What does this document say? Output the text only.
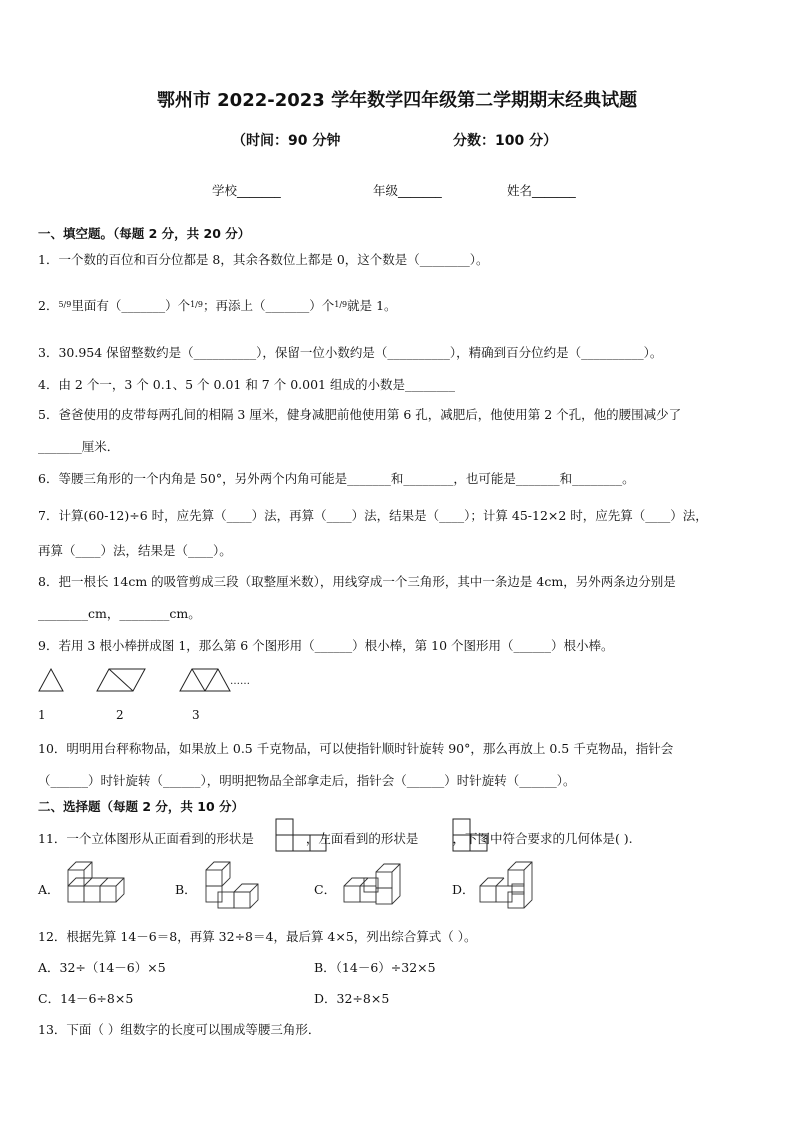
鄂州市 2022-2023 学年数学四年级第二学期期末经典试题
（时间：90 分钟	分数：100 分）
学校_______	年级_______	姓名_______
一、填空题。（每题 2 分，共 20 分）
1．一个数的百位和百分位都是 8，其余各数位上都是 0，这个数是（________）。
2．$^{5/9}$里面有（_______）个$^{1/9}$；再添上（_______）个$^{1/9}$就是 1。
3．30.954 保留整数约是（__________），保留一位小数约是（__________），精确到百分位约是（__________）。
4．由 2 个一，3 个 0.1、5 个 0.01 和 7 个 0.001 组成的小数是________
5．爸爸使用的皮带每两孔间的相隔 3 厘米，健身减肥前他使用第 6 孔，减肥后，他使用第 2 个孔，他的腰围减少了
_______厘米．
6．等腰三角形的一个内角是 50°，另外两个内角可能是_______和________，也可能是_______和________。
7．计算(60-12)÷6 时，应先算（____）法，再算（____）法，结果是（____）；计算 45-12×2 时，应先算（____）法，
再算（____）法，结果是（____）。
8．把一根长 14cm 的吸管剪成三段（取整厘米数），用线穿成一个三角形，其中一条边是 4cm，另外两条边分别是
________cm，________cm。
9．若用 3 根小棒拼成图 1，那么第 6 个图形用（______）根小棒，第 10 个图形用（______）根小棒。
……
1	2	3
10．明明用台秤称物品，如果放上 0.5 千克物品，可以使指针顺时针旋转 90°，那么再放上 0.5 千克物品，指针会
（______）时针旋转（______），明明把物品全部拿走后，指针会（______）时针旋转（______）。
二、选择题（每题 2 分，共 10 分）
11．一个立体图形从正面看到的形状是	，左面看到的形状是	，下图中符合要求的几何体是( ).
A．	B．	C．	D．
12．根据先算 14－6＝8，再算 32÷8＝4，最后算 4×5，列出综合算式（ ）。
A．32÷（14－6）×5	B．（14－6）÷32×5
C．14－6÷8×5	D．32÷8×5
13．下面（ ）组数字的长度可以围成等腰三角形．
